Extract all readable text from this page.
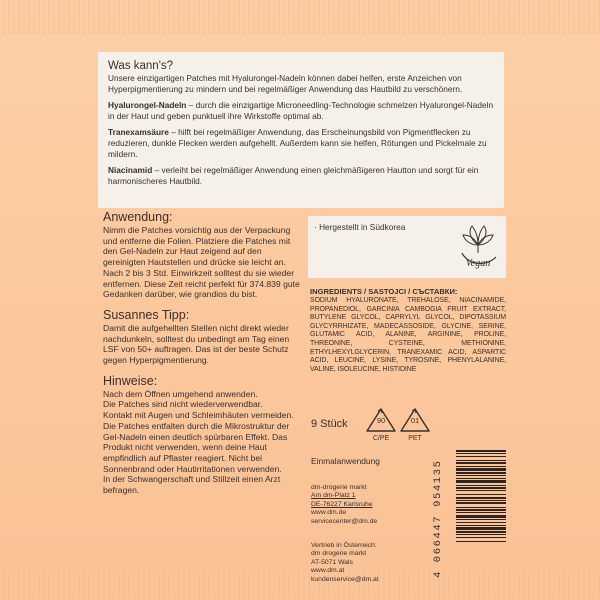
Was kann's?

Unsere einzigartigen Patches mit Hyalurongel-Nadeln können dabei helfen, erste Anzeichen von Hyperpigmentierung zu mindern und bei regelmäßiger Anwendung das Hautbild zu verschönern.

Hyalurongel-Nadeln – durch die einzigartige Microneedling-Technologie schmelzen Hyalurongel-Nadeln in der Haut und geben punktuell ihre Wirkstoffe optimal ab.

Tranexamsäure – hilft bei regelmäßiger Anwendung, das Erscheinungsbild von Pigmentflecken zu reduzieren, dunkle Flecken werden aufgehellt. Außerdem kann sie helfen, Rötungen und Pickelmale zu mildern.

Niacinamid – verleiht bei regelmäßiger Anwendung einen gleichmäßigeren Hautton und sorgt für ein harmonischeres Hautbild.

Anwendung:

Nimm die Patches vorsichtig aus der Verpackung und entferne die Folien. Platziere die Patches mit den Gel-Nadeln zur Haut zeigend auf den gereinigten Hautstellen und drücke sie leicht an. Nach 2 bis 3 Std. Einwirkzeit solltest du sie wieder entfernen. Diese Zeit reicht perfekt für 374.839 gute Gedanken darüber, wie grandios du bist.

Susannes Tipp:

Damit die aufgehellten Stellen nicht direkt wieder nachdunkeln, solltest du unbedingt am Tag einen LSF von 50+ auftragen. Das ist der beste Schutz gegen Hyperpigmentierung.

Hinweise:

Nach dem Öffnen umgehend anwenden.

Die Patches sind nicht wiederverwendbar.

Kontakt mit Augen und Schleimhäuten vermeiden.

Die Patches entfalten durch die Mikrostruktur der Gel-Nadeln einen deutlich spürbaren Effekt. Das Produkt nicht verwenden, wenn deine Haut empfindlich auf Pflaster reagiert. Nicht bei Sonnenbrand oder Hautirritationen verwenden.

In der Schwangerschaft und Stillzeit einen Arzt befragen.

· Hergestellt in Südkorea
Vegan

INGREDIENTS / SASTOJCI / СЪСТАВКИ:

SODIUM HYALURONATE, TREHALOSE, NIACINAMIDE, PROPANEDIOL, GARCINIA CAMBOGIA FRUIT EXTRACT, BUTYLENE GLYCOL, CAPRYLYL GLYCOL, DIPOTASSIUM GLYCYRRHIZATE, MADECASSOSIDE, GLYCINE, SERINE, GLUTAMIC ACID, ALANINE, ARGININE, PROLINE, THREONINE, CYSTEINE, METHIONINE, ETHYLHEXYLGLYCERIN, TRANEXAMIC ACID, ASPARTIC ACID, LEUCINE, LYSINE, TYROSINE, PHENYLALANINE, VALINE, ISOLEUCINE, HISTIDINE

9 Stück	90
C/PE
01
PET
Einmalanwendung
dm-drogerie markt
Am dm-Platz 1
DE-76227 Karlsruhe
www.dm.de
servicecenter@dm.de
Vertrieb in Österreich:
dm drogerie markt
AT-5071 Wals
www.dm.at
kundenservice@dm.at
4 066447 954135
